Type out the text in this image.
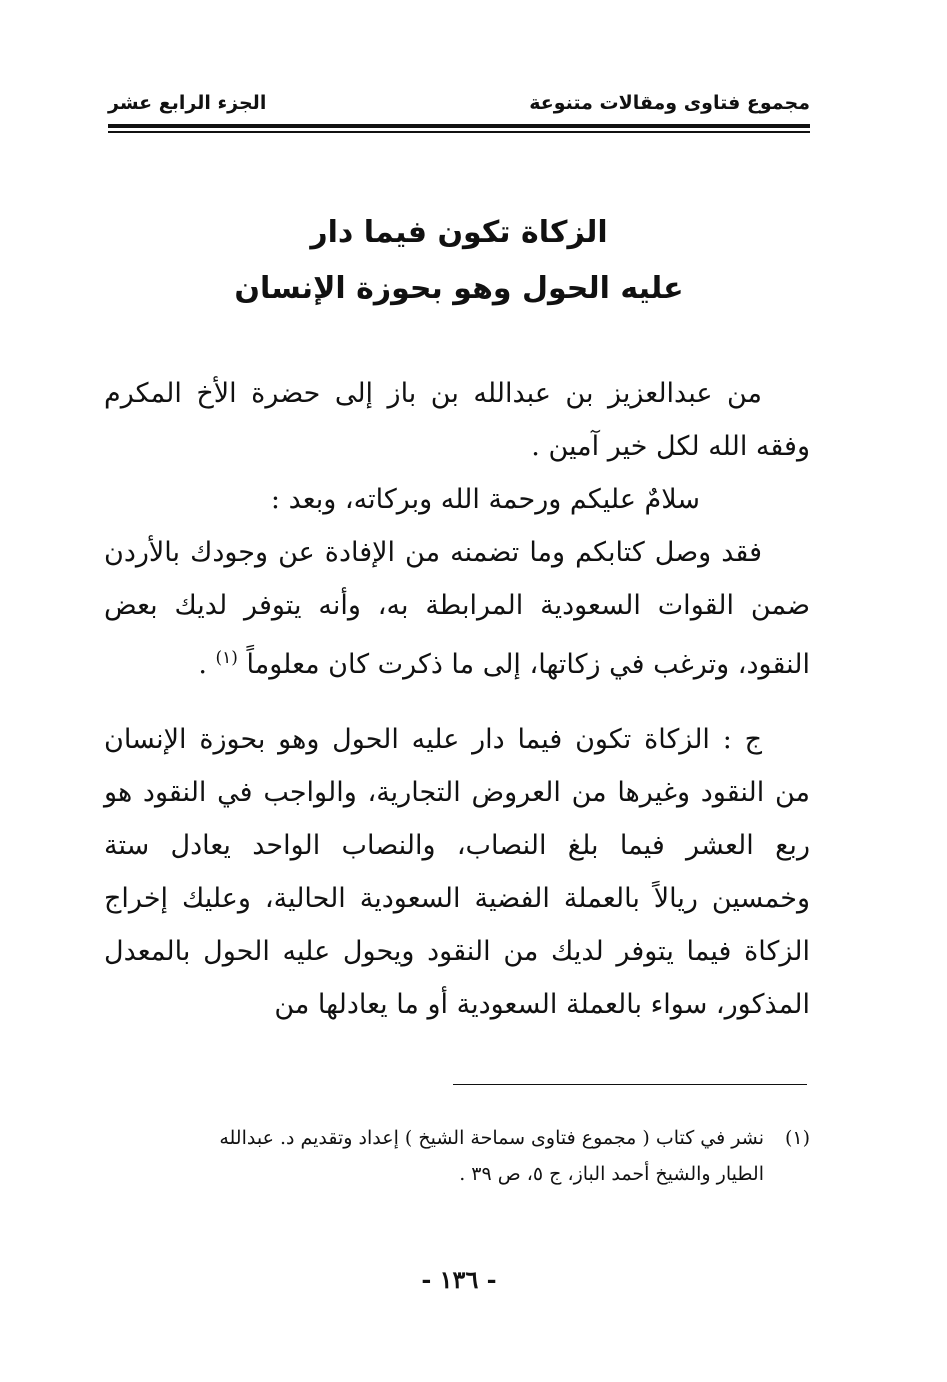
مجموع فتاوى ومقالات متنوعة
الجزء الرابع عشر
الزكاة تكون فيما دار
عليه الحول وهو بحوزة الإنسان

من عبدالعزيز بن عبدالله بن باز إلى حضرة الأخ المكرم وفقه الله لكل خير آمين .

سلامٌ عليكم ورحمة الله وبركاته، وبعد :

فقد وصل كتابكم وما تضمنه من الإفادة عن وجودك بالأردن ضمن القوات السعودية المرابطة به، وأنه يتوفر لديك بعض النقود، وترغب في زكاتها، إلى ما ذكرت كان معلوماً $^{(١)}$ .

ج : الزكاة تكون فيما دار عليه الحول وهو بحوزة الإنسان من النقود وغيرها من العروض التجارية، والواجب في النقود هو ربع العشر فيما بلغ النصاب، والنصاب الواحد يعادل ستة وخمسين ريالاً بالعملة الفضية السعودية الحالية، وعليك إخراج الزكاة فيما يتوفر لديك من النقود ويحول عليه الحول بالمعدل المذكور، سواء بالعملة السعودية أو ما يعادلها من

(١)نشر في كتاب ( مجموع فتاوى سماحة الشيخ ) إعداد وتقديم د. عبدالله
الطيار والشيخ أحمد الباز، ج ٥، ص ٣٩ .
- ١٣٦ -
